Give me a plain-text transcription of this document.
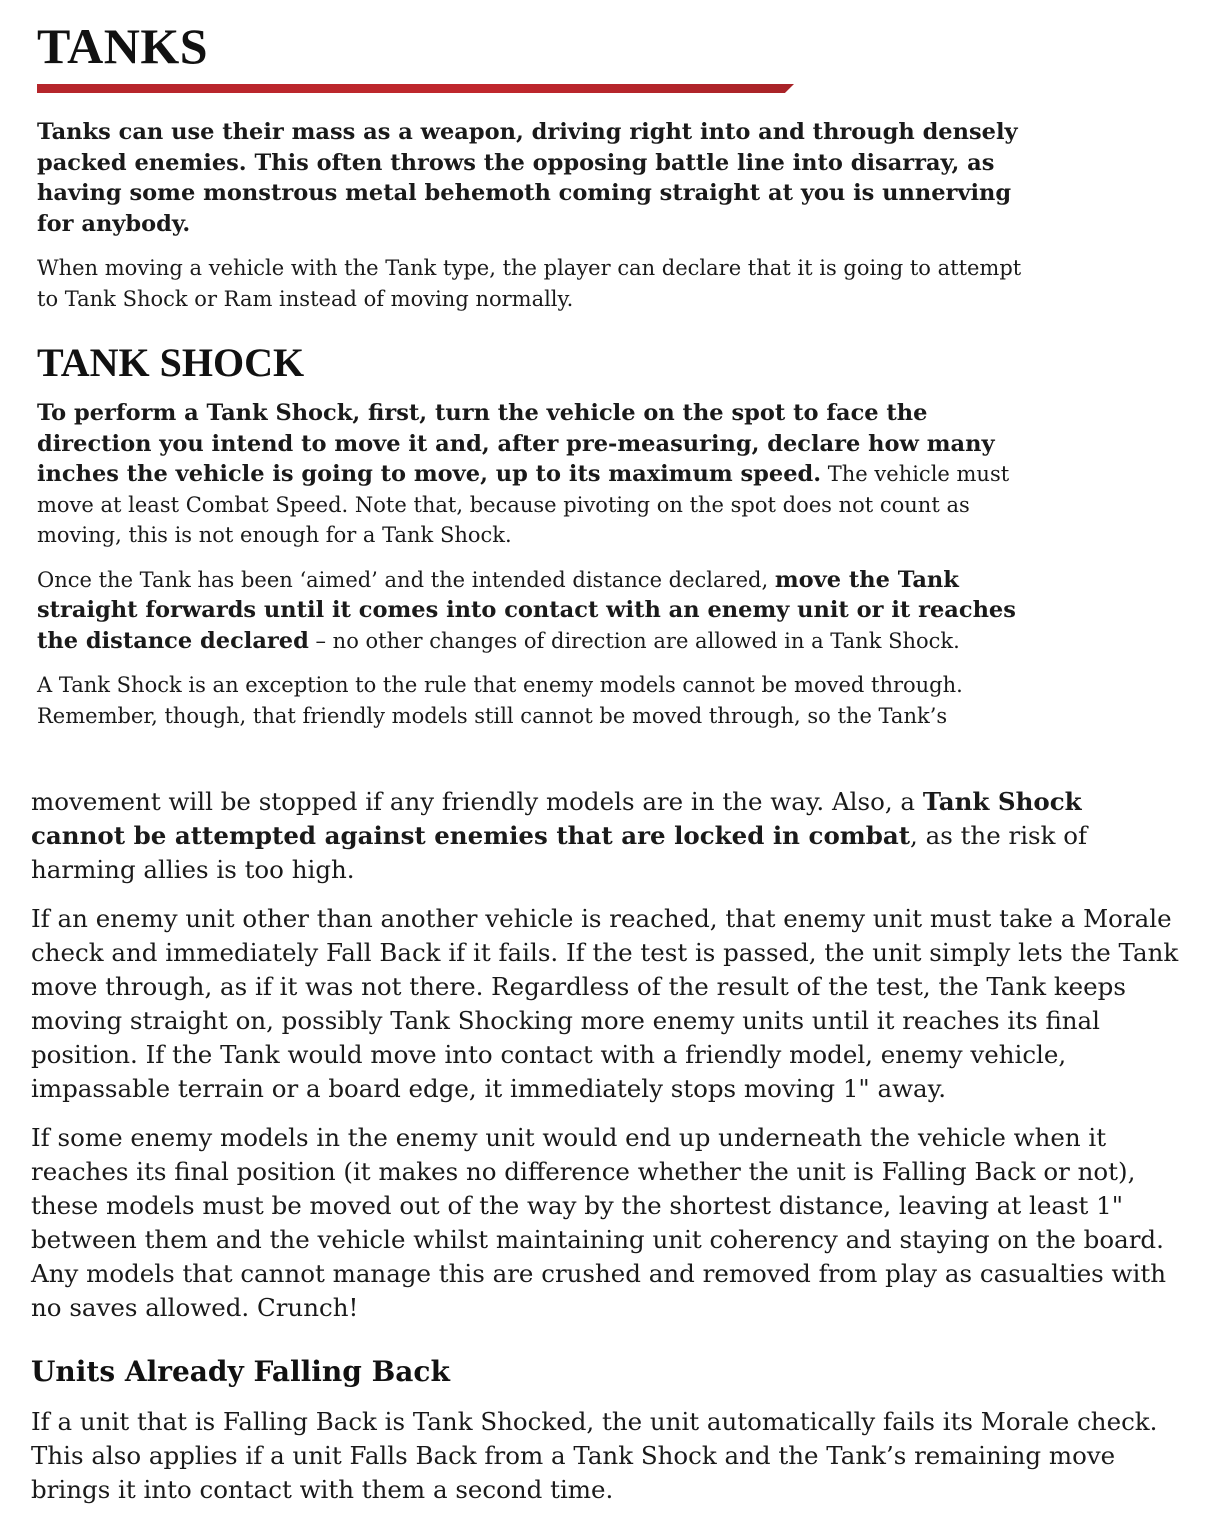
TANKS

Tanks can use their mass as a weapon, driving right into and through densely packed enemies. This often throws the opposing battle line into disarray, as having some monstrous metal behemoth coming straight at you is unnerving for anybody.

When moving a vehicle with the Tank type, the player can declare that it is going to attempt to Tank Shock or Ram instead of moving normally.

TANK SHOCK

To perform a Tank Shock, first, turn the vehicle on the spot to face the direction you intend to move it and, after pre-measuring, declare how many inches the vehicle is going to move, up to its maximum speed. The vehicle must move at least Combat Speed. Note that, because pivoting on the spot does not count as moving, this is not enough for a Tank Shock.

Once the Tank has been ‘aimed’ and the intended distance declared, move the Tank straight forwards until it comes into contact with an enemy unit or it reaches the distance declared – no other changes of direction are allowed in a Tank Shock.

A Tank Shock is an exception to the rule that enemy models cannot be moved through. Remember, though, that friendly models still cannot be moved through, so the Tank’s

movement will be stopped if any friendly models are in the way. Also, a Tank Shock cannot be attempted against enemies that are locked in combat, as the risk of harming allies is too high.

If an enemy unit other than another vehicle is reached, that enemy unit must take a Morale check and immediately Fall Back if it fails. If the test is passed, the unit simply lets the Tank move through, as if it was not there. Regardless of the result of the test, the Tank keeps moving straight on, possibly Tank Shocking more enemy units until it reaches its final position. If the Tank would move into contact with a friendly model, enemy vehicle, impassable terrain or a board edge, it immediately stops moving 1" away.

If some enemy models in the enemy unit would end up underneath the vehicle when it reaches its final position (it makes no difference whether the unit is Falling Back or not), these models must be moved out of the way by the shortest distance, leaving at least 1" between them and the vehicle whilst maintaining unit coherency and staying on the board. Any models that cannot manage this are crushed and removed from play as casualties with no saves allowed. Crunch!

Units Already Falling Back

If a unit that is Falling Back is Tank Shocked, the unit automatically fails its Morale check. This also applies if a unit Falls Back from a Tank Shock and the Tank’s remaining move brings it into contact with them a second time.
